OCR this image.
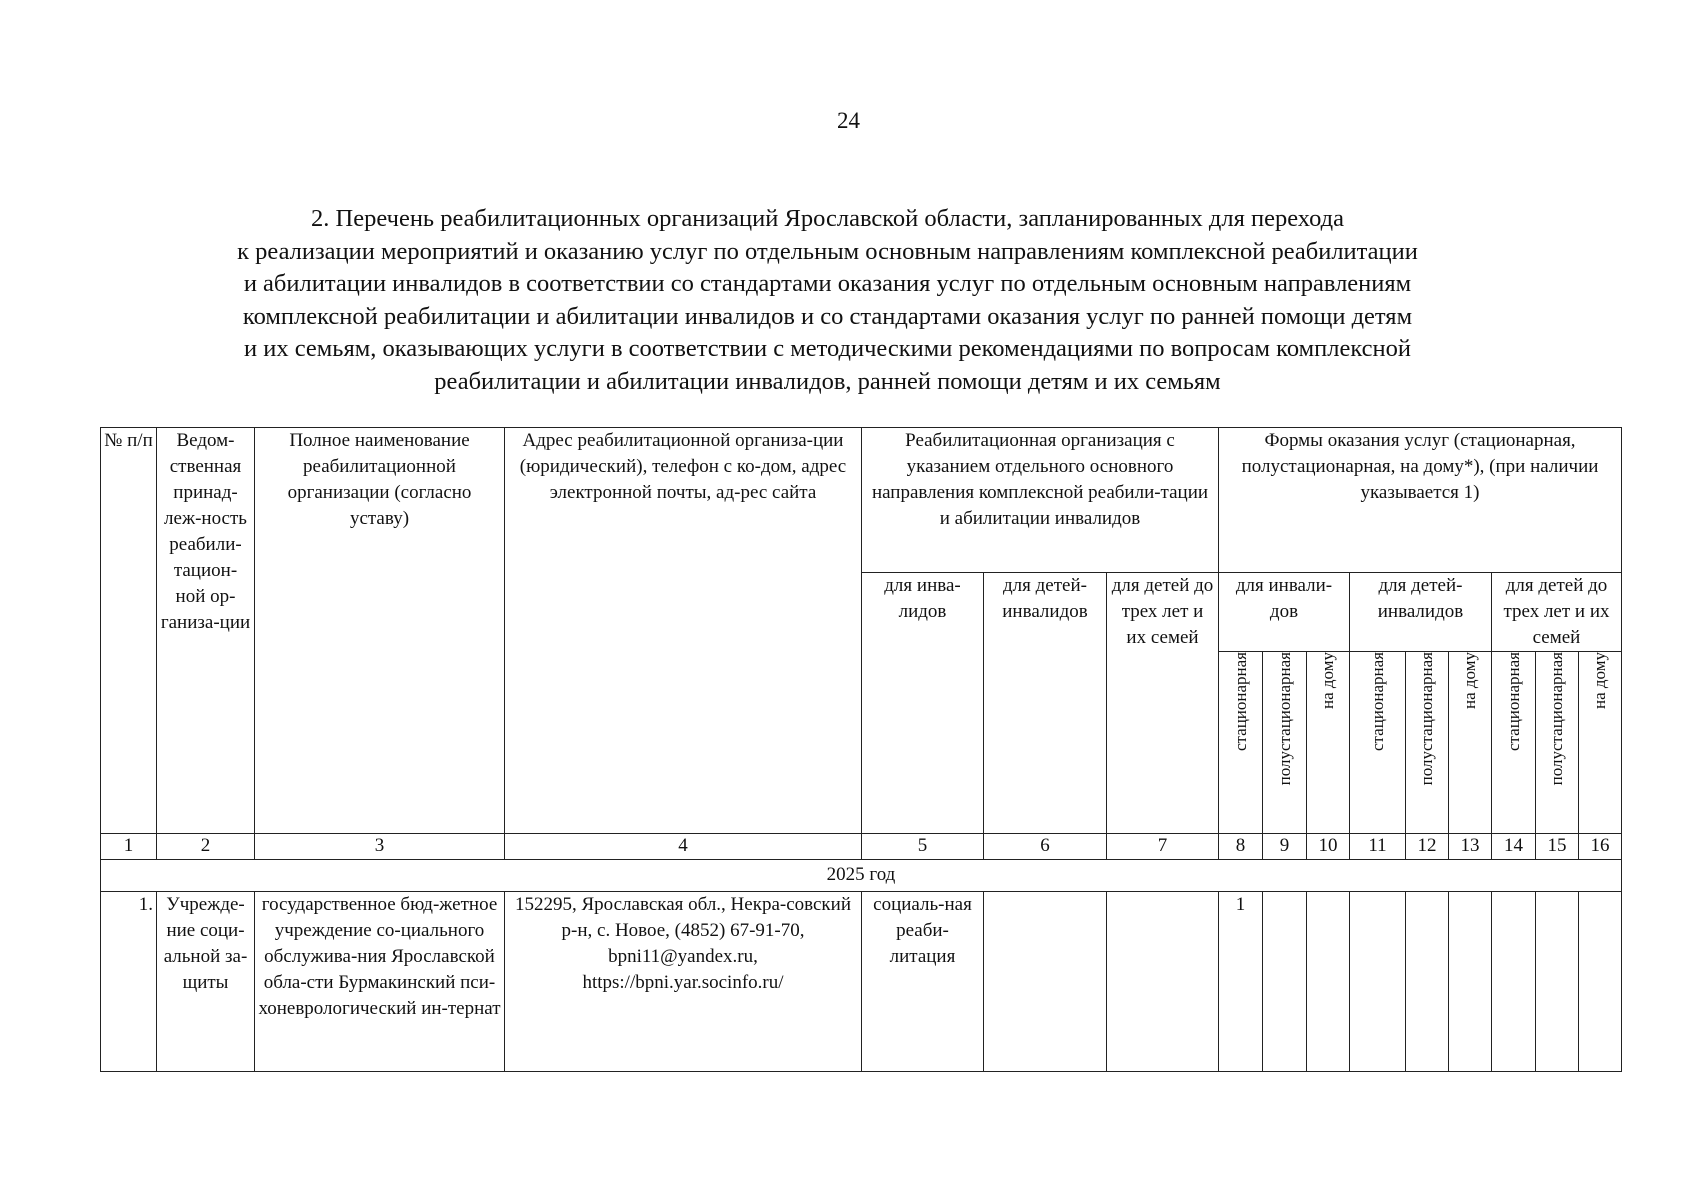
24
2. Перечень реабилитационных организаций Ярославской области, запланированных для перехода
к реализации мероприятий и оказанию услуг по отдельным основным направлениям комплексной реабилитации
и абилитации инвалидов в соответствии со стандартами оказания услуг по отдельным основным направлениям
комплексной реабилитации и абилитации инвалидов и со стандартами оказания услуг по ранней помощи детям
и их семьям, оказывающих услуги в соответствии с методическими рекомендациями по вопросам комплексной
реабилитации и абилитации инвалидов, ранней помощи детям и их семьям
№ п/п	Ведом-ственная принад-леж-ность реабили-тацион-ной ор-ганиза-ции	Полное наименование реабилитационной организации (согласно уставу)	Адрес реабилитационной организа-ции (юридический), телефон с ко-дом, адрес электронной почты, ад-рес сайта	Реабилитационная организация с указанием отдельного основного направления комплексной реабили-тации и абилитации инвалидов			Формы оказания услуг (стационарная, полустационарная, на дому*), (при наличии указывается 1)								
				для инва-лидов	для детей-инвалидов	для детей до трех лет и их семей	для инвали-дов			для детей-инвалидов			для детей до трех лет и их семей		

							стационарная	полустационарная	на дому	стационарная	полустационарная	на дому	стационарная	полустационарная	на дому

1	2	3	4	5	6	7	8	9	10	11	12	13	14	15	16
2025 год															
1.	Учрежде-ние соци-альной за-щиты	государственное бюд-жетное учреждение со-циального обслужива-ния Ярославской обла-сти Бурмакинский пси-хоневрологический ин-тернат	152295, Ярославская обл., Некра-совский р-н, с. Новое, (4852) 67-91-70, bpni11@yandex.ru, https://bpni.yar.socinfo.ru/	социаль-ная реаби-литация			1								
